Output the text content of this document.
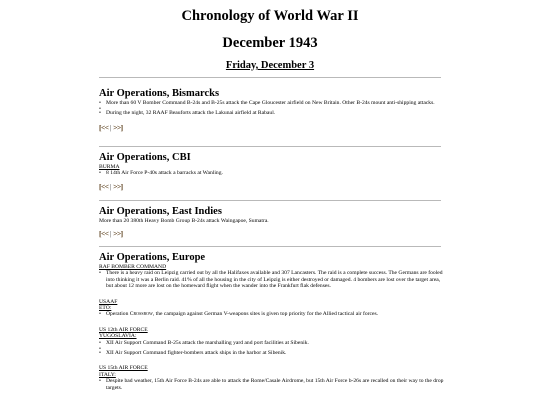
Chronology of World War II
December 1943
Friday, December 3
Air Operations, Bismarcks
• More than 60 V Bomber Command B-24s and B-25s attack the Cape Gloucester airfield on New Britain. Other B-24s mount anti-shipping attacks.
•
• During the night, 32 RAAF Beauforts attack the Lakunai airfield at Rabaul.
[<< | >>]
Air Operations, CBI
BURMA
• 8 14th Air Force P-40s attack a barracks at Wanling.
[<< | >>]
Air Operations, East Indies
More than 20 380th Heavy Bomb Group B-24s attack Waingapoe, Sumatra.
[<< | >>]
Air Operations, Europe
RAF BOMBER COMMAND
• There is a heavy raid on Leipzig carried out by all the Halifaxes available and 307 Lancasters. The raid is a complete success. The Germans are fooled into thinking it was a Berlin raid. 41% of all the housing in the city of Leipzig is either destroyed or damaged. 4 bombers are lost over the target area, but about 12 more are lost on the homeward flight when the wander into the Frankfurt flak defenses.
USAAF
ETO:
• Operation Crossbow, the campaign against German V-weapons sites is given top priority for the Allied tactical air forces.
US 12th AIR FORCE
YUGOSLAVIA:
• XII Air Support Command B-25s attack the marshalling yard and port facilities at Sibenik.
•
• XII Air Support Command fighter-bombers attack ships in the harbor at Sibenik.
US 15th AIR FORCE
ITALY:
• Despite bad weather, 15th Air Force B-24s are able to attack the Rome/Casale Airdrome, but 15th Air Force b-26s are recalled on their way to the drop targets.
